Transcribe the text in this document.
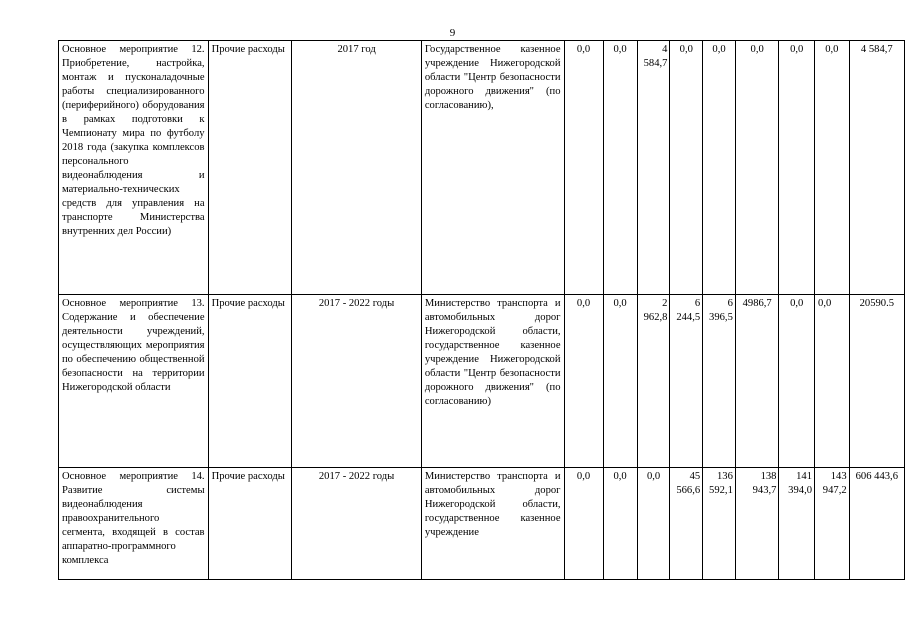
9
Основное мероприятие 12. Приобретение, настройка, монтаж и пусконаладочные работы специализированного (периферийного) оборудования в рамках подготовки к Чемпионату мира по футболу 2018 года (закупка комплексов персонального видеонаблюдения и материально-технических средств для управления на транспорте Министерства внутренних дел России)	Прочие расходы	2017 год	Государственное казенное учреждение Нижегородской области "Центр безопасности дорожного движения" (по согласованию),	0,0	0,0	4 584,7	0,0	0,0	0,0	0,0	0,0	4 584,7
Основное мероприятие 13. Содержание и обеспечение деятельности учреждений, осуществляющих мероприятия по обеспечению общественной безопасности на территории Нижегородской области	Прочие расходы	2017 - 2022 годы	Министерство транспорта и автомобильных дорог Нижегородской области, государственное казенное учреждение Нижегородской области "Центр безопасности дорожного движения" (по согласованию)	0,0	0,0	2 962,8	6 244,5	6 396,5	4986,7	0,0	0,0	20590.5
Основное мероприятие 14. Развитие системы видеонаблюдения правоохранительного сегмента, входящей в состав аппаратно-программного комплекса	Прочие расходы	2017 - 2022 годы	Министерство транспорта и автомобильных дорог Нижегородской области, государственное казенное учреждение	0,0	0,0	0,0	45 566,6	136 592,1	138 943,7	141 394,0	143 947,2	606 443,6
